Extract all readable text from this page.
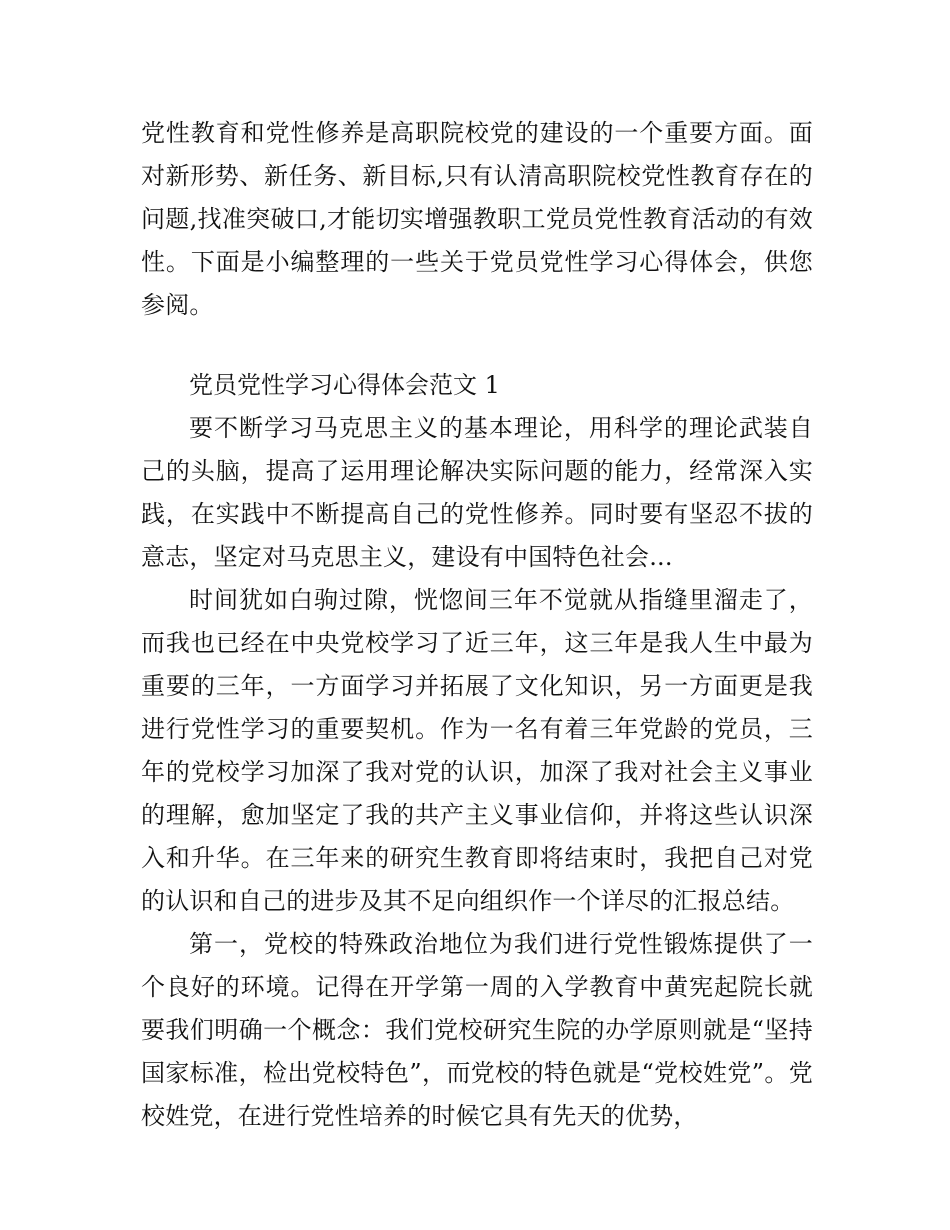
党性教育和党性修养是高职院校党的建设的一个重要方面。面对新形势、新任务、新目标,只有认清高职院校党性教育存在的问题,找准突破口,才能切实增强教职工党员党性教育活动的有效性。下面是小编整理的一些关于党员党性学习心得体会，供您参阅。

党员党性学习心得体会范文 1

要不断学习马克思主义的基本理论，用科学的理论武装自己的头脑，提高了运用理论解决实际问题的能力，经常深入实践，在实践中不断提高自己的党性修养。同时要有坚忍不拔的意志，坚定对马克思主义，建设有中国特色社会...

时间犹如白驹过隙，恍惚间三年不觉就从指缝里溜走了，而我也已经在中央党校学习了近三年，这三年是我人生中最为重要的三年，一方面学习并拓展了文化知识，另一方面更是我进行党性学习的重要契机。作为一名有着三年党龄的党员，三年的党校学习加深了我对党的认识，加深了我对社会主义事业的理解，愈加坚定了我的共产主义事业信仰，并将这些认识深入和升华。在三年来的研究生教育即将结束时，我把自己对党的认识和自己的进步及其不足向组织作一个详尽的汇报总结。

第一，党校的特殊政治地位为我们进行党性锻炼提供了一个良好的环境。记得在开学第一周的入学教育中黄宪起院长就要我们明确一个概念：我们党校研究生院的办学原则就是“坚持国家标准，检出党校特色”，而党校的特色就是“党校姓党”。党校姓党，在进行党性培养的时候它具有先天的优势，
